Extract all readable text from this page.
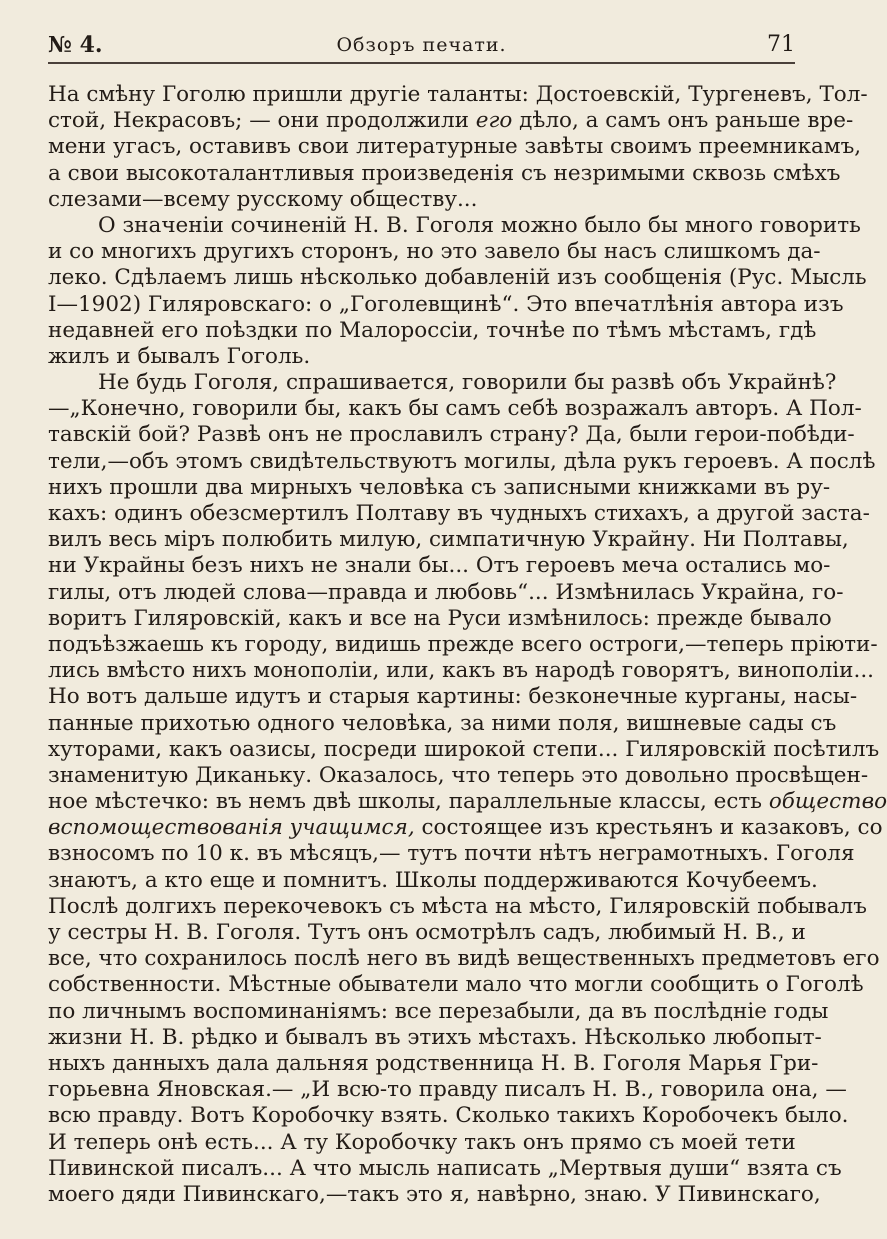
№ 4.	Обзоръ печати.	71
На смѣну Гоголю пришли другіе таланты: Достоевскій, Тургеневъ, Тол-
стой, Некрасовъ; — они продолжили его дѣло, а самъ онъ раньше вре-
мени угасъ, оставивъ свои литературные завѣты своимъ преемникамъ,
а свои высокоталантливыя произведенія съ незримыми сквозь смѣхъ
слезами—всему русскому обществу...
О значеніи сочиненій Н. В. Гоголя можно было бы много говорить
и со многихъ другихъ сторонъ, но это завело бы насъ слишкомъ да-
леко. Сдѣлаемъ лишь нѣсколько добавленій изъ сообщенія (Рус. Мысль
I—1902) Гиляровскаго: о „Гоголевщинѣ“. Это впечатлѣнія автора изъ
недавней его поѣздки по Малороссіи, точнѣе по тѣмъ мѣстамъ, гдѣ
жилъ и бывалъ Гоголь.
Не будь Гоголя, спрашивается, говорили бы развѣ объ Украйнѣ?
—„Конечно, говорили бы, какъ бы самъ себѣ возражалъ авторъ. А Пол-
тавскій бой? Развѣ онъ не прославилъ страну? Да, были герои-побѣди-
тели,—объ этомъ свидѣтельствуютъ могилы, дѣла рукъ героевъ. А послѣ
нихъ прошли два мирныхъ человѣка съ записными книжками въ ру-
кахъ: одинъ обезсмертилъ Полтаву въ чудныхъ стихахъ, а другой заста-
вилъ весь міръ полюбить милую, симпатичную Украйну. Ни Полтавы,
ни Украйны безъ нихъ не знали бы... Отъ героевъ меча остались мо-
гилы, отъ людей слова—правда и любовь“... Измѣнилась Украйна, го-
воритъ Гиляровскій, какъ и все на Руси измѣнилось: прежде бывало
подъѣзжаешь къ городу, видишь прежде всего остроги,—теперь пріюти-
лись вмѣсто нихъ монополіи, или, какъ въ народѣ говорятъ, винополіи...
Но вотъ дальше идутъ и старыя картины: безконечные курганы, насы-
панные прихотью одного человѣка, за ними поля, вишневые сады съ
хуторами, какъ оазисы, посреди широкой степи... Гиляровскій посѣтилъ
знаменитую Диканьку. Оказалось, что теперь это довольно просвѣщен-
ное мѣстечко: въ немъ двѣ школы, параллельные классы, есть общество
вспомоществованія учащимся, состоящее изъ крестьянъ и казаковъ, со
взносомъ по 10 к. въ мѣсяцъ,— тутъ почти нѣтъ неграмотныхъ. Гоголя
знаютъ, а кто еще и помнитъ. Школы поддерживаются Кочубеемъ.
Послѣ долгихъ перекочевокъ съ мѣста на мѣсто, Гиляровскій побывалъ
у сестры Н. В. Гоголя. Тутъ онъ осмотрѣлъ садъ, любимый Н. В., и
все, что сохранилось послѣ него въ видѣ вещественныхъ предметовъ его
собственности. Мѣстные обыватели мало что могли сообщить о Гоголѣ
по личнымъ воспоминаніямъ: все перезабыли, да въ послѣдніе годы
жизни Н. В. рѣдко и бывалъ въ этихъ мѣстахъ. Нѣсколько любопыт-
ныхъ данныхъ дала дальняя родственница Н. В. Гоголя Марья Гри-
горьевна Яновская.— „И всю-то правду писалъ Н. В., говорила она, —
всю правду. Вотъ Коробочку взять. Сколько такихъ Коробочекъ было.
И теперь онѣ есть... А ту Коробочку такъ онъ прямо съ моей тети
Пивинской писалъ... А что мысль написать „Мертвыя души“ взята съ
моего дяди Пивинскаго,—такъ это я, навѣрно, знаю. У Пивинскаго,
